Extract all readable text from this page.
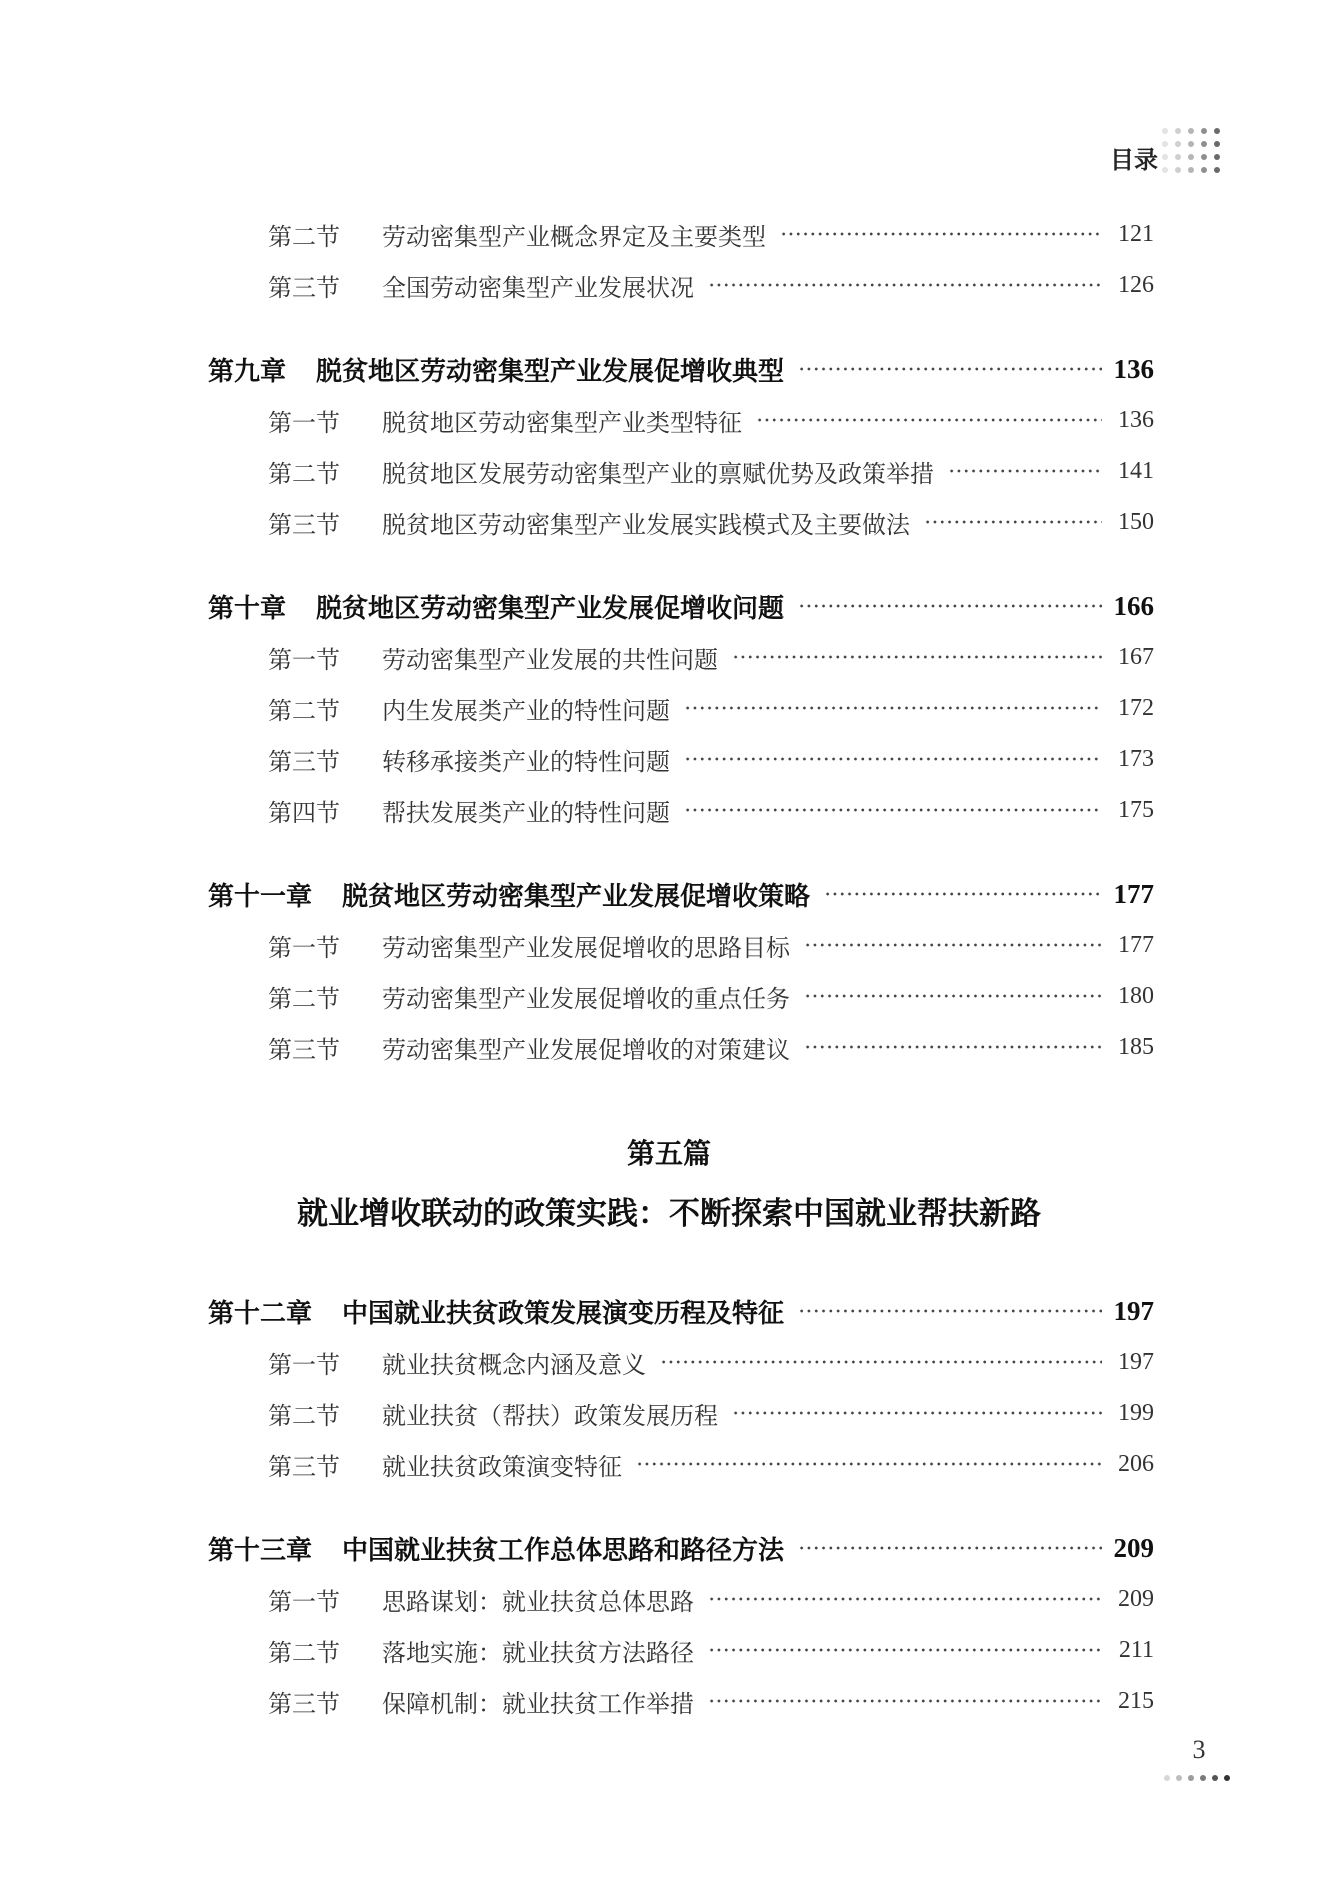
目录
第二节	劳动密集型产业概念界定及主要类型	121
第三节	全国劳动密集型产业发展状况	126
第九章 脱贫地区劳动密集型产业发展促增收典型	136
第一节	脱贫地区劳动密集型产业类型特征	136
第二节	脱贫地区发展劳动密集型产业的禀赋优势及政策举措	141
第三节	脱贫地区劳动密集型产业发展实践模式及主要做法	150
第十章 脱贫地区劳动密集型产业发展促增收问题	166
第一节	劳动密集型产业发展的共性问题	167
第二节	内生发展类产业的特性问题	172
第三节	转移承接类产业的特性问题	173
第四节	帮扶发展类产业的特性问题	175
第十一章 脱贫地区劳动密集型产业发展促增收策略	177
第一节	劳动密集型产业发展促增收的思路目标	177
第二节	劳动密集型产业发展促增收的重点任务	180
第三节	劳动密集型产业发展促增收的对策建议	185
第十二章 中国就业扶贫政策发展演变历程及特征	197
第一节	就业扶贫概念内涵及意义	197
第二节	就业扶贫（帮扶）政策发展历程	199
第三节	就业扶贫政策演变特征	206
第十三章 中国就业扶贫工作总体思路和路径方法	209
第一节	思路谋划：就业扶贫总体思路	209
第二节	落地实施：就业扶贫方法路径	211
第三节	保障机制：就业扶贫工作举措	215
第五篇
就业增收联动的政策实践：不断探索中国就业帮扶新路
3
